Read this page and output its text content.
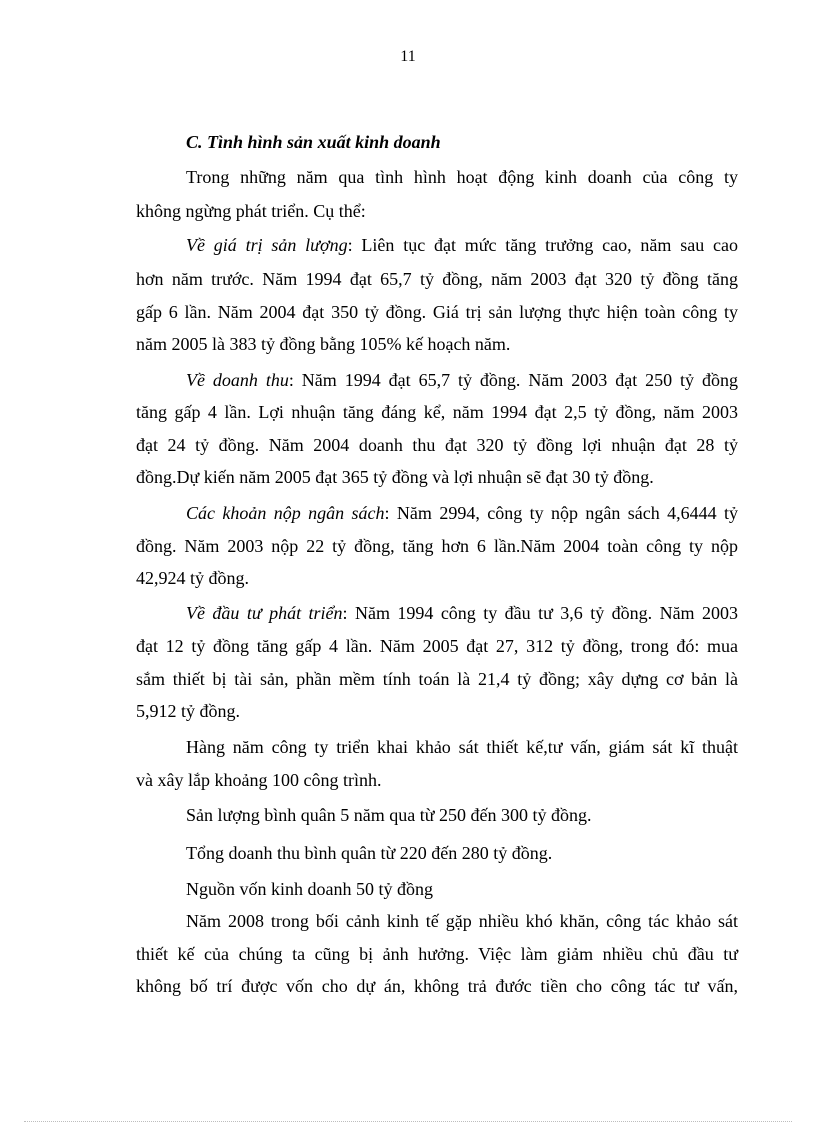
11
C. Tình hình sản xuất kinh doanh
Trong những năm qua tình hình hoạt động kinh doanh của công ty
không ngừng phát triển. Cụ thể:
Về giá trị sản lượng: Liên tục đạt mức tăng trưởng cao, năm sau cao
hơn năm trước. Năm 1994 đạt 65,7 tỷ đồng, năm 2003 đạt 320 tỷ đồng tăng
gấp 6 lần. Năm 2004 đạt 350 tỷ đồng. Giá trị sản lượng thực hiện toàn công ty
năm 2005 là 383 tỷ đồng bằng 105% kế hoạch năm.
Về doanh thu: Năm 1994 đạt 65,7 tỷ đồng. Năm 2003 đạt 250 tỷ đồng
tăng gấp 4 lần. Lợi nhuận tăng đáng kể, năm 1994 đạt 2,5 tỷ đồng, năm 2003
đạt 24 tỷ đồng. Năm 2004 doanh thu đạt 320 tỷ đồng lợi nhuận đạt 28 tỷ
đồng.Dự kiến năm 2005 đạt 365 tỷ đồng và lợi nhuận sẽ đạt 30 tỷ đồng.
Các khoản nộp ngân sách: Năm 2994, công ty nộp ngân sách 4,6444 tỷ
đồng. Năm 2003 nộp 22 tỷ đồng, tăng hơn 6 lần.Năm 2004 toàn công ty nộp
42,924 tỷ đồng.
Về đầu tư phát triển: Năm 1994 công ty đầu tư 3,6 tỷ đồng. Năm 2003
đạt 12 tỷ đồng tăng gấp 4 lần. Năm 2005 đạt 27, 312 tỷ đồng, trong đó: mua
sắm thiết bị tài sản, phần mềm tính toán là 21,4 tỷ đồng; xây dựng cơ bản là
5,912 tỷ đồng.
Hàng năm công ty triển khai khảo sát thiết kế,tư vấn, giám sát kĩ thuật
và xây lắp khoảng 100 công trình.
Sản lượng bình quân 5 năm qua từ 250 đến 300 tỷ đồng.
Tổng doanh thu bình quân từ 220 đến 280 tỷ đồng.
Nguồn vốn kinh doanh 50 tỷ đồng
Năm 2008 trong bối cảnh kinh tế gặp nhiều khó khăn, công tác khảo sát
thiết kế của chúng ta cũng bị ảnh hưởng. Việc làm giảm nhiều chủ đầu tư
không bố trí được vốn cho dự án, không trả đước tiền cho công tác tư vấn,
